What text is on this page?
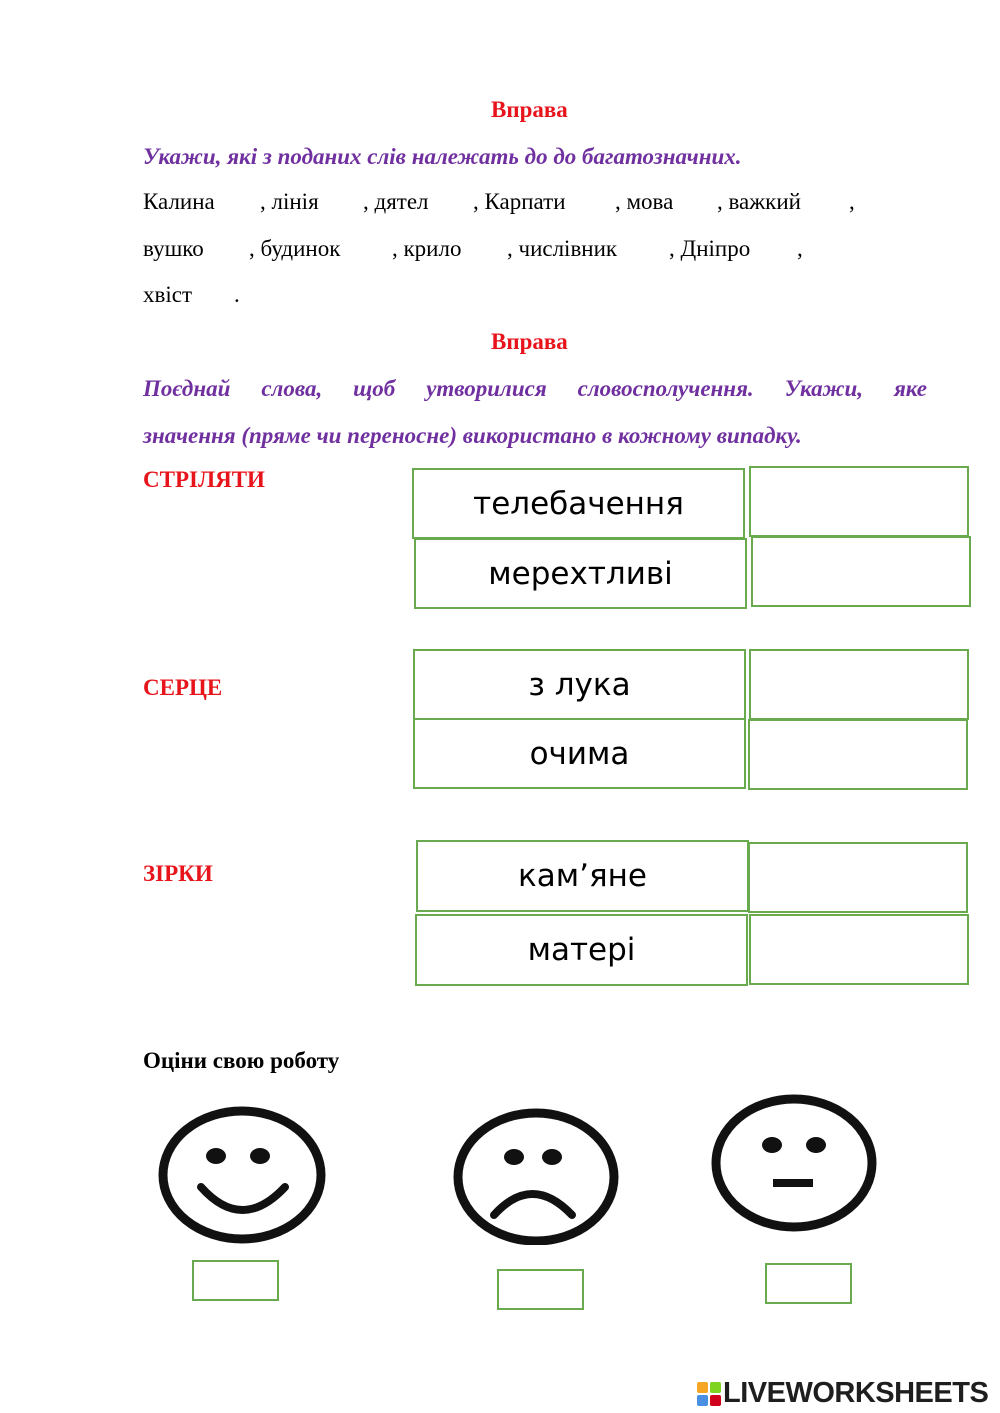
Вправа
Укажи, які з поданих слів належать до до багатозначних.
Калина , лінія , дятел , Карпати , мова , важкий ,
вушко , будинок , крило , числівник , Дніпро ,
хвіст .
Вправа
Поєднай слова, щоб утворилися словосполучення. Укажи, яке
значення (пряме чи переносне) використано в кожному випадку.
СТРІЛЯТИ
телебачення
мерехтливі
СЕРЦЕ	з лука
очима
ЗІРКИ	кам’яне
матері
Оціни свою роботу
LIVEWORKSHEETS
